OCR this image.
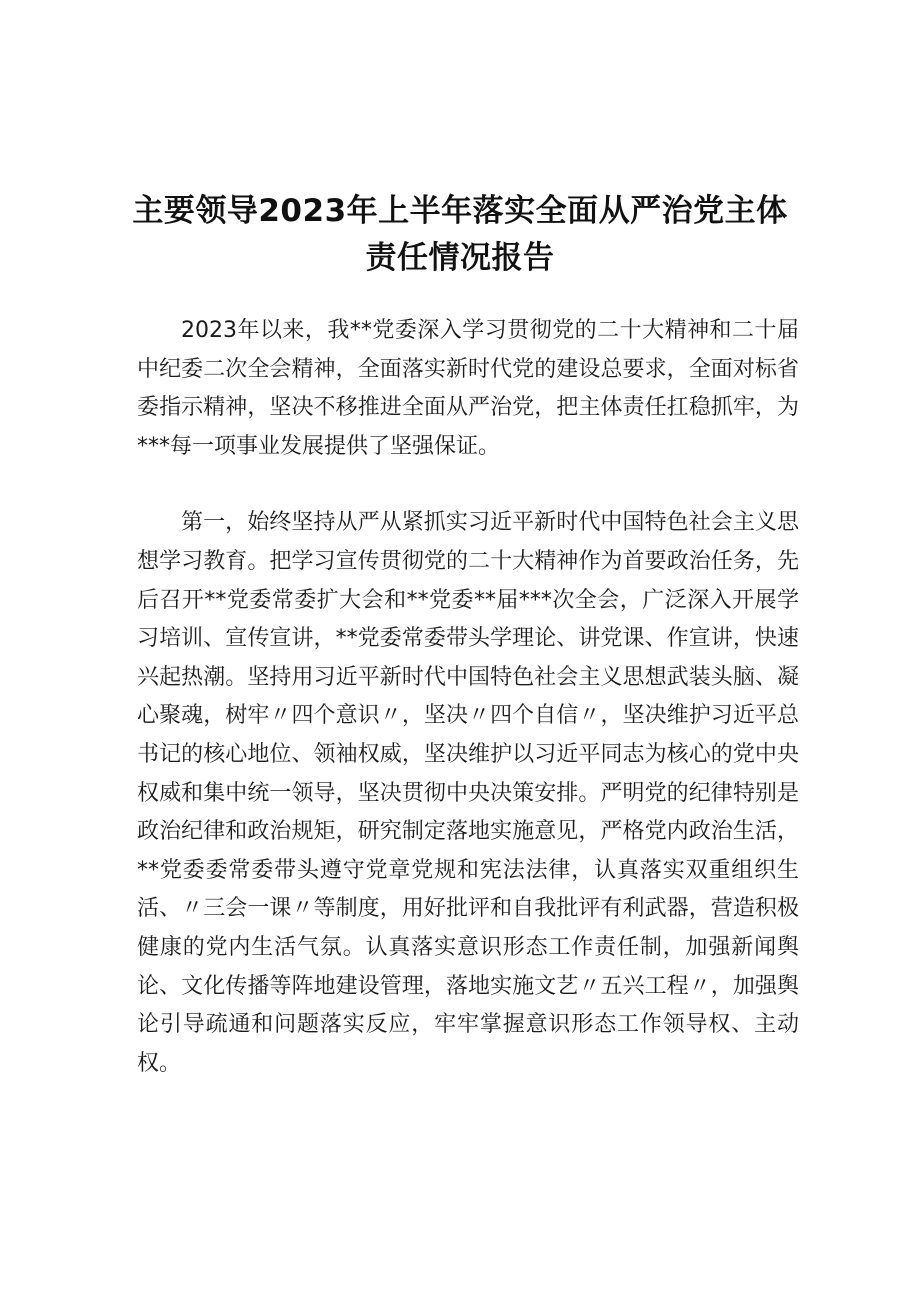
主要领导2023年上半年落实全面从严治党主体
责任情况报告

2023年以来，我**党委深入学习贯彻党的二十大精神和二十届中纪委二次全会精神，全面落实新时代党的建设总要求，全面对标省委指示精神，坚决不移推进全面从严治党，把主体责任扛稳抓牢，为***每一项事业发展提供了坚强保证。

第一，始终坚持从严从紧抓实习近平新时代中国特色社会主义思想学习教育。把学习宣传贯彻党的二十大精神作为首要政治任务，先后召开**党委常委扩大会和**党委**届***次全会，广泛深入开展学习培训、宣传宣讲，**党委常委带头学理论、讲党课、作宣讲，快速兴起热潮。坚持用习近平新时代中国特色社会主义思想武装头脑、凝心聚魂，树牢〃四个意识〃，坚决〃四个自信〃，坚决维护习近平总书记的核心地位、领袖权威，坚决维护以习近平同志为核心的党中央权威和集中统一领导，坚决贯彻中央决策安排。严明党的纪律特别是政治纪律和政治规矩，研究制定落地实施意见，严格党内政治生活，**党委委常委带头遵守党章党规和宪法法律，认真落实双重组织生活、〃三会一课〃等制度，用好批评和自我批评有利武器，营造积极健康的党内生活气氛。认真落实意识形态工作责任制，加强新闻舆论、文化传播等阵地建设管理，落地实施文艺〃五兴工程〃，加强舆论引导疏通和问题落实反应，牢牢掌握意识形态工作领导权、主动权。
